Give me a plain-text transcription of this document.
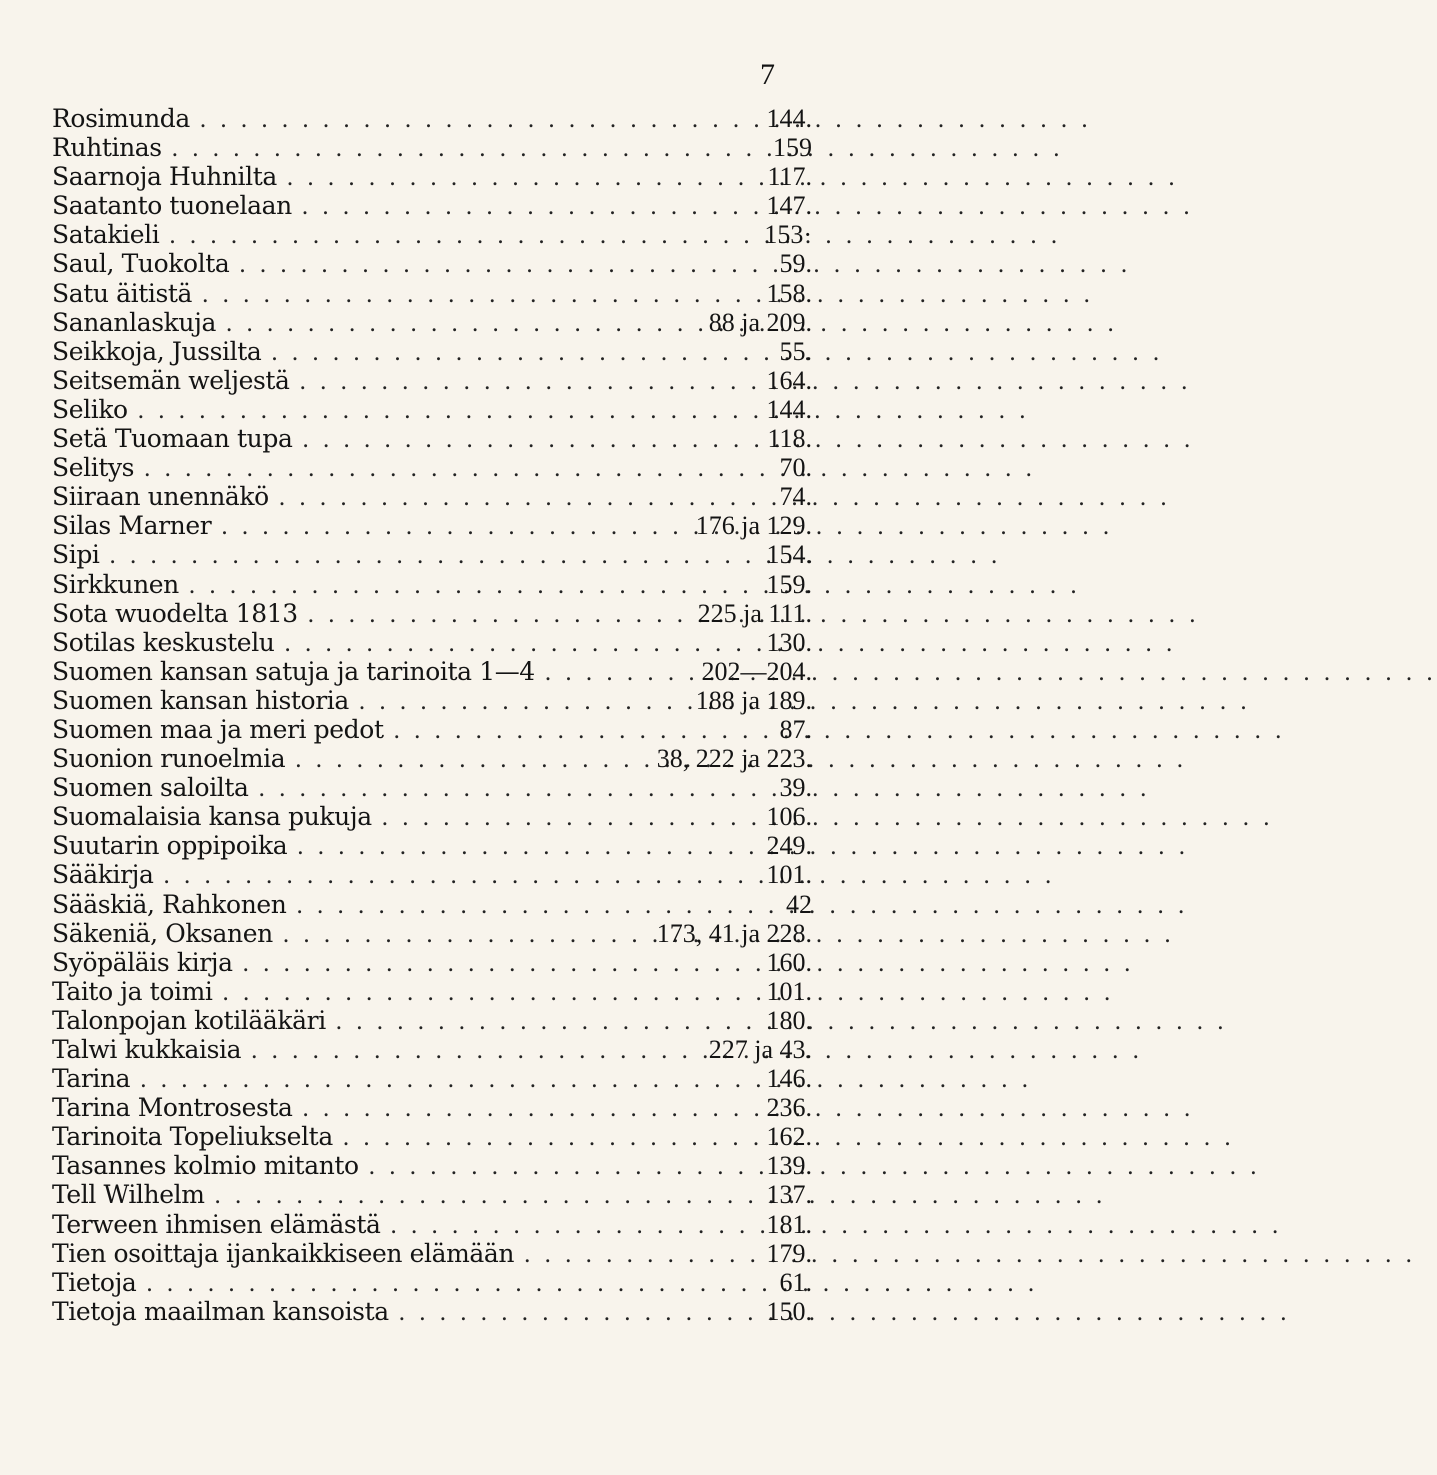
7
Rosimunda . . .	144.
Ruhtinas . . .	159
Saarnoja Huhnilta . . .	117.
Saatanto tuonelaan . . .	147.
Satakieli . . .	153·
Saul, Tuokolta . . .	59.
Satu äitistä . . .	158.
Sananlaskuja . . .	88 ja 209.
Seikkoja, Jussilta . . .	55.
Seitsemän weljestä . . .	164.
Seliko . . .	144.
Setä Tuomaan tupa . . .	118.
Selitys . . .	70.
Siiraan unennäkö . . .	74.
Silas Marner . . .	176 ja 129.
Sipi . . .	154.
Sirkkunen . . .	159.
Sota wuodelta 1813 . . .	225 ja 111.
Sotilas keskustelu . . .	130.
Suomen kansan satuja ja tarinoita 1—4 . . .	202—204.
Suomen kansan historia . . .	188 ja 189.
Suomen maa ja meri pedot . . .	87.
Suonion runoelmia . . .	38, 222 ja 223.
Suomen saloilta . . .	39.
Suomalaisia kansa pukuja . . .	106.
Suutarin oppipoika . . .	249.
Sääkirja . . .	101.
Sääskiä, Rahkonen . . .	42
Säkeniä, Oksanen . . .	173, 41 ja 228.
Syöpäläis kirja . . .	160.
Taito ja toimi . . .	101.
Talonpojan kotilääkäri . . .	180.
Talwi kukkaisia . . .	227 ja 43.
Tarina . . .	146.
Tarina Montrosesta . . .	236.
Tarinoita Topeliukselta . . .	162.
Tasannes kolmio mitanto . . .	139.
Tell Wilhelm . . .	137.
Terween ihmisen elämästä . . .	181.
Tien osoittaja ijankaikkiseen elämään . . .	179.
Tietoja . . .	61.
Tietoja maailman kansoista . . .	150.
